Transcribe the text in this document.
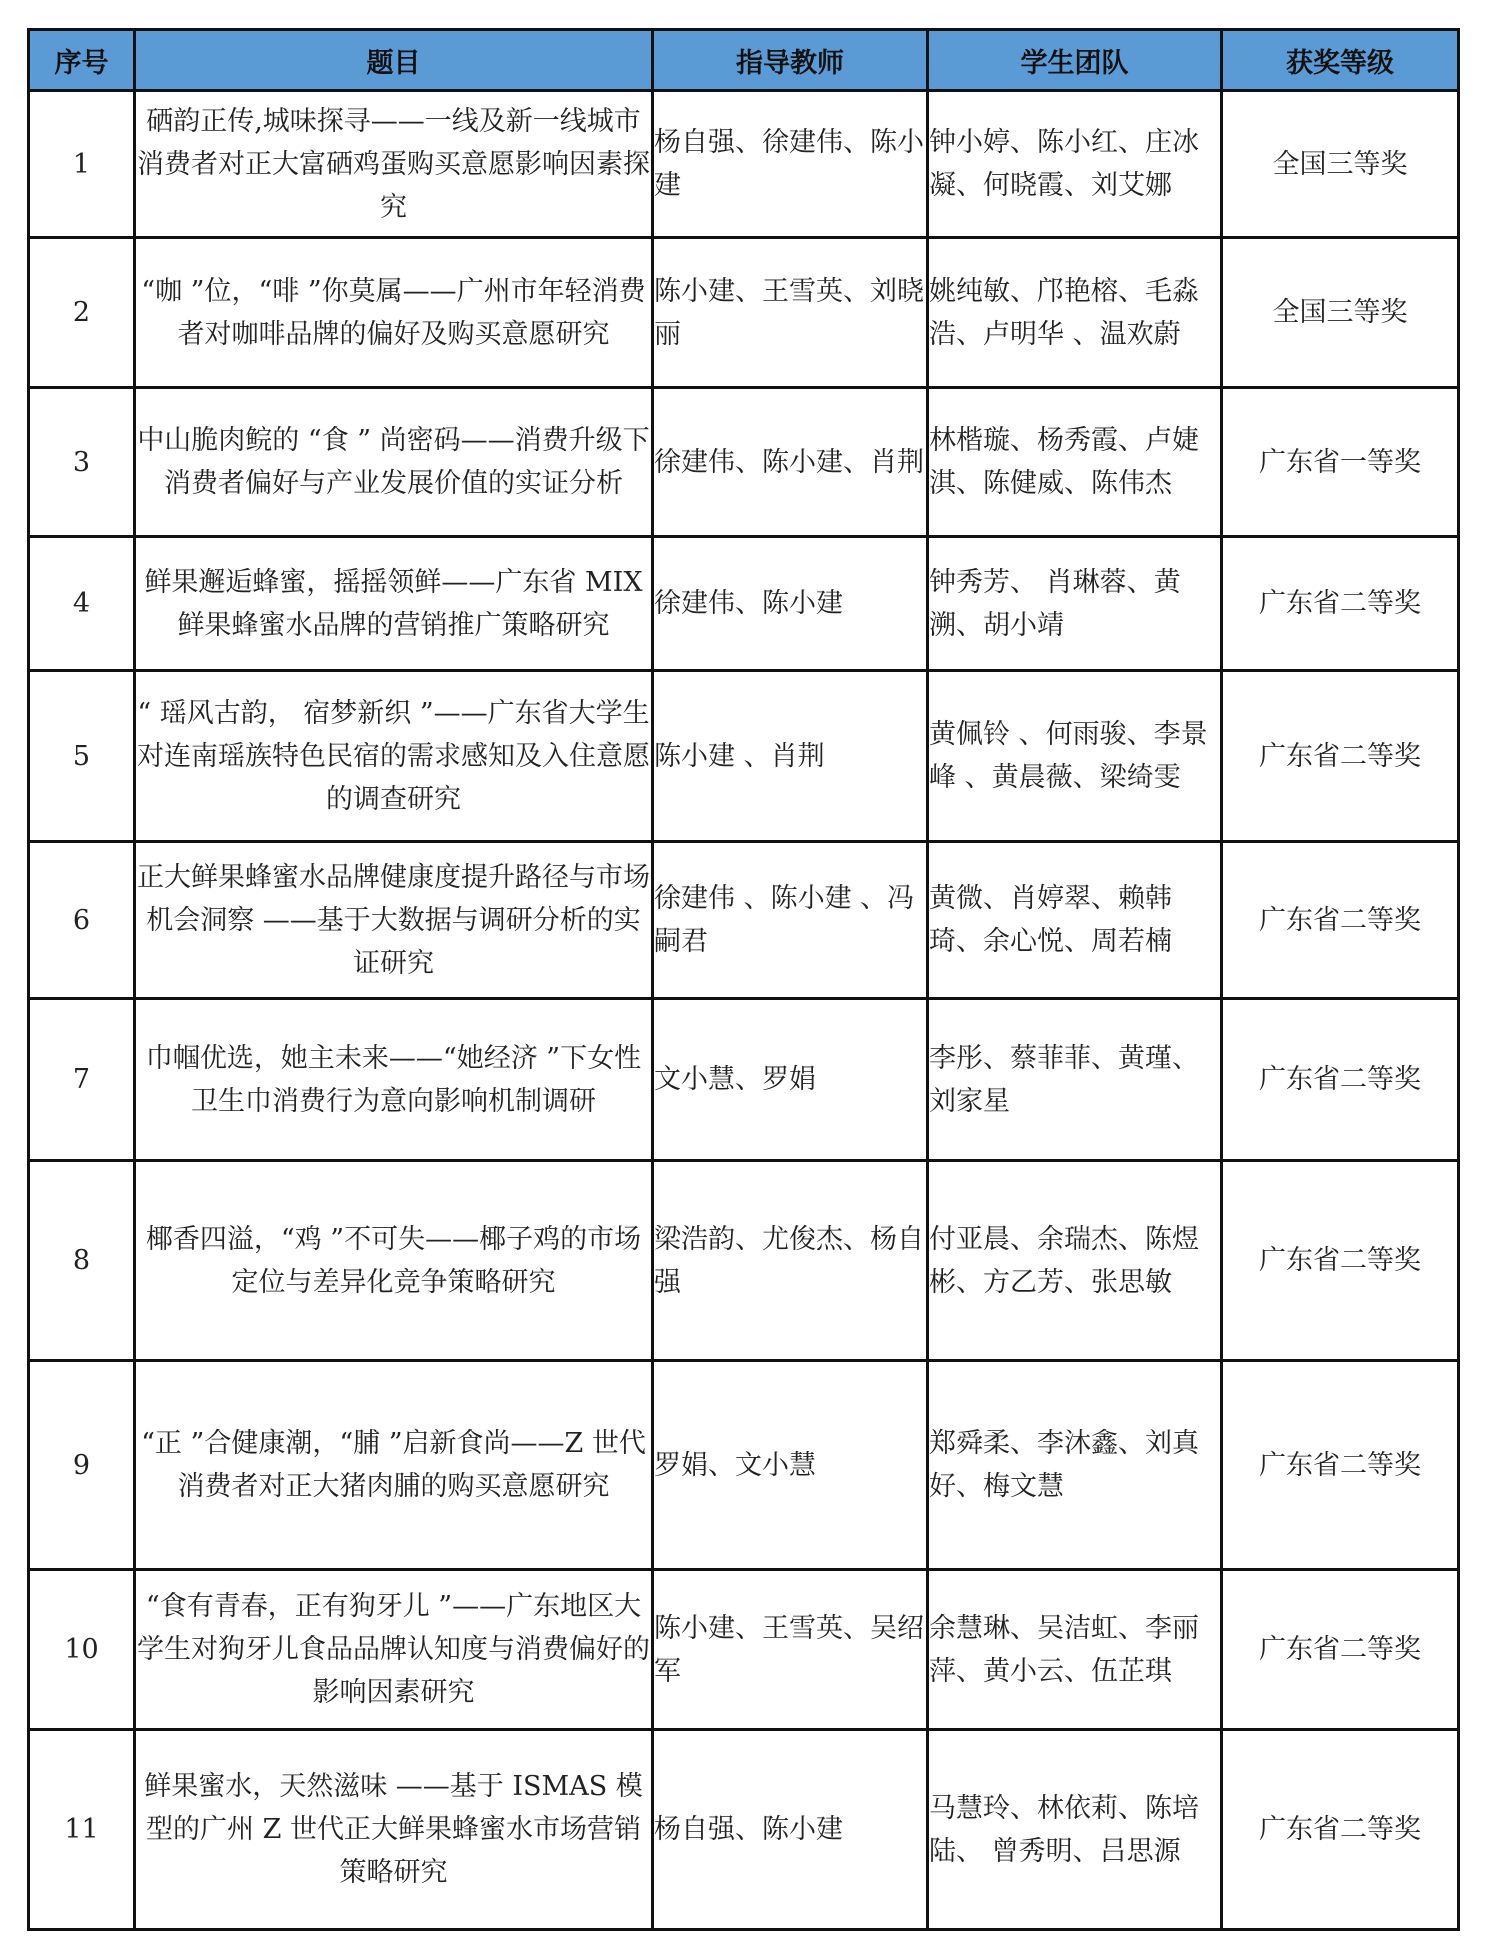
序号	题目	指导教师	学生团队	获奖等级
1	硒韵正传,城味探寻——一线及新一线城市消费者对正大富硒鸡蛋购买意愿影响因素探究	杨自强、徐建伟、陈小建	钟小婷、陈小红、庄冰凝、何晓霞、刘艾娜	全国三等奖
2	“咖 ”位，“啡 ”你莫属——广州市年轻消费者对咖啡品牌的偏好及购买意愿研究	陈小建、王雪英、刘晓丽	姚纯敏、邝艳榕、毛淼浩、卢明华 、温欢蔚	全国三等奖
3	中山脆肉鲩的 “食 ” 尚密码——消费升级下消费者偏好与产业发展价值的实证分析	徐建伟、陈小建、肖荆	林楷璇、杨秀霞、卢婕淇、陈健威、陈伟杰	广东省一等奖
4	鲜果邂逅蜂蜜，摇摇领鲜——广东省 MIX 鲜果蜂蜜水品牌的营销推广策略研究	徐建伟、陈小建	钟秀芳、 肖琳蓉、黄溯、胡小靖	广东省二等奖
5	“ 瑶风古韵， 宿梦新织 ”——广东省大学生对连南瑶族特色民宿的需求感知及入住意愿的调查研究	陈小建 、肖荆	黄佩铃 、何雨骏、李景峰 、黄晨薇、梁绮雯	广东省二等奖
6	正大鲜果蜂蜜水品牌健康度提升路径与市场机会洞察 ——基于大数据与调研分析的实证研究	徐建伟 、陈小建 、冯嗣君	黄微、肖婷翠、赖韩琦、余心悦、周若楠	广东省二等奖
7	巾帼优选，她主未来——“她经济 ”下女性卫生巾消费行为意向影响机制调研	文小慧、罗娟	李彤、蔡菲菲、黄瑾、刘家星	广东省二等奖
8	椰香四溢，“鸡 ”不可失——椰子鸡的市场定位与差异化竞争策略研究	梁浩韵、尤俊杰、杨自强	付亚晨、余瑞杰、陈煜彬、方乙芳、张思敏	广东省二等奖
9	“正 ”合健康潮，“脯 ”启新食尚——Z 世代消费者对正大猪肉脯的购买意愿研究	罗娟、文小慧	郑舜柔、李沐鑫、刘真好、梅文慧	广东省二等奖
10	“食有青春，正有狗牙儿 ”——广东地区大学生对狗牙儿食品品牌认知度与消费偏好的影响因素研究	陈小建、王雪英、吴绍军	余慧琳、吴洁虹、李丽萍、黄小云、伍芷琪	广东省二等奖
11	鲜果蜜水，天然滋味 ——基于 ISMAS 模型的广州 Z 世代正大鲜果蜂蜜水市场营销策略研究	杨自强、陈小建	马慧玲、林依莉、陈培陆、 曾秀明、吕思源	广东省二等奖
